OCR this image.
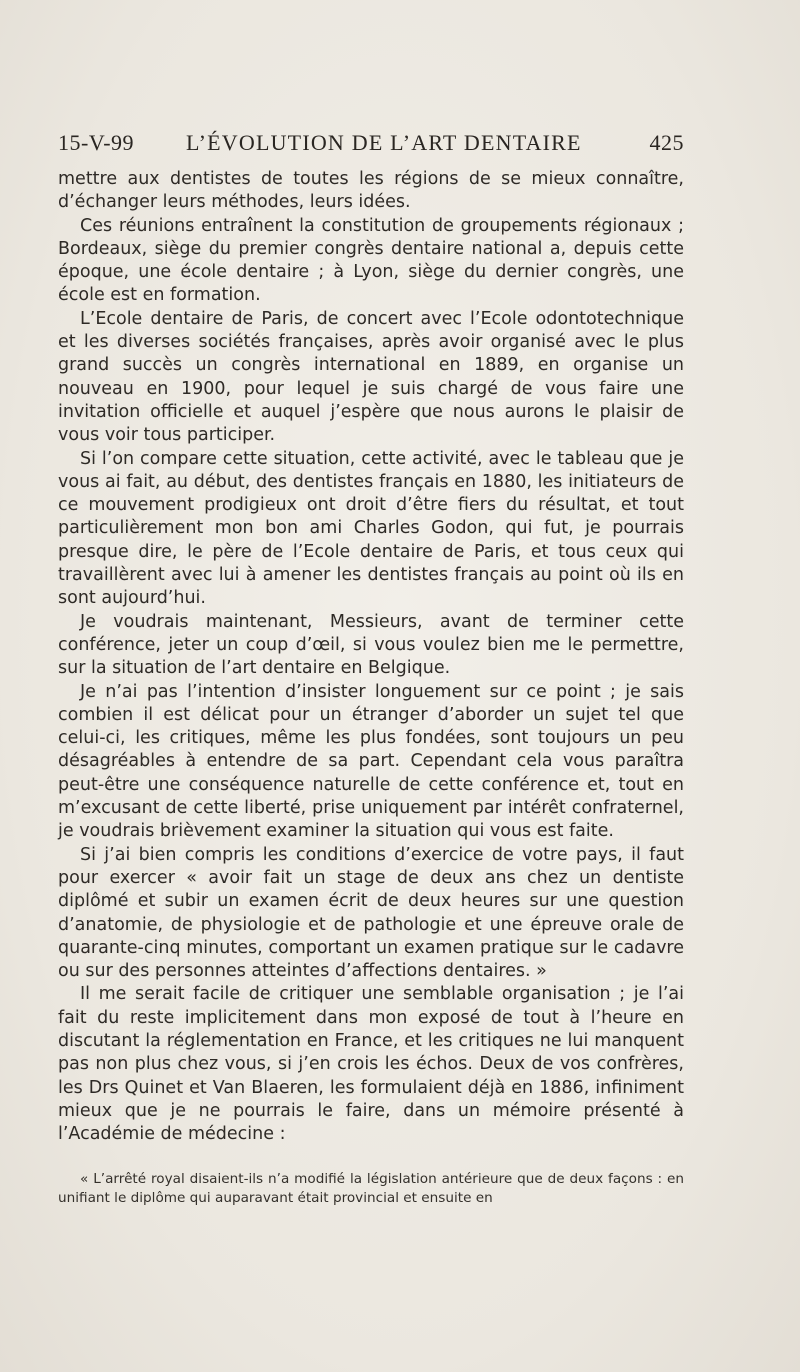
15-V-99 L’ÉVOLUTION DE L’ART DENTAIRE	425

mettre aux dentistes de toutes les régions de se mieux connaître, d’échanger leurs méthodes, leurs idées.

Ces réunions entraînent la constitution de groupements régionaux ; Bordeaux, siège du premier congrès dentaire national a, depuis cette époque, une école dentaire ; à Lyon, siège du dernier congrès, une école est en formation.

L’Ecole dentaire de Paris, de concert avec l’Ecole odontotechnique et les diverses sociétés françaises, après avoir organisé avec le plus grand succès un congrès international en 1889, en organise un nouveau en 1900, pour lequel je suis chargé de vous faire une invitation officielle et auquel j’espère que nous aurons le plaisir de vous voir tous participer.

Si l’on compare cette situation, cette activité, avec le tableau que je vous ai fait, au début, des dentistes français en 1880, les initiateurs de ce mouvement prodigieux ont droit d’être fiers du résultat, et tout particulièrement mon bon ami Charles Godon, qui fut, je pourrais presque dire, le père de l’Ecole dentaire de Paris, et tous ceux qui travaillèrent avec lui à amener les dentistes français au point où ils en sont aujourd’hui.

Je voudrais maintenant, Messieurs, avant de terminer cette conférence, jeter un coup d’œil, si vous voulez bien me le permettre, sur la situation de l’art dentaire en Belgique.

Je n’ai pas l’intention d’insister longuement sur ce point ; je sais combien il est délicat pour un étranger d’aborder un sujet tel que celui-ci, les critiques, même les plus fondées, sont toujours un peu désagréables à entendre de sa part. Cependant cela vous paraîtra peut-être une conséquence naturelle de cette conférence et, tout en m’excusant de cette liberté, prise uniquement par intérêt confraternel, je voudrais brièvement examiner la situation qui vous est faite.

Si j’ai bien compris les conditions d’exercice de votre pays, il faut pour exercer « avoir fait un stage de deux ans chez un dentiste diplômé et subir un examen écrit de deux heures sur une question d’anatomie, de physiologie et de pathologie et une épreuve orale de quarante-cinq minutes, comportant un examen pratique sur le cadavre ou sur des personnes atteintes d’affections dentaires. »

Il me serait facile de critiquer une semblable organisation ; je l’ai fait du reste implicitement dans mon exposé de tout à l’heure en discutant la réglementation en France, et les critiques ne lui manquent pas non plus chez vous, si j’en crois les échos. Deux de vos confrères, les Drs Quinet et Van Blaeren, les formulaient déjà en 1886, infiniment mieux que je ne pourrais le faire, dans un mémoire présenté à l’Académie de médecine :

« L’arrêté royal disaient-ils n’a modifié la législation antérieure que de deux façons : en unifiant le diplôme qui auparavant était provincial et ensuite en
